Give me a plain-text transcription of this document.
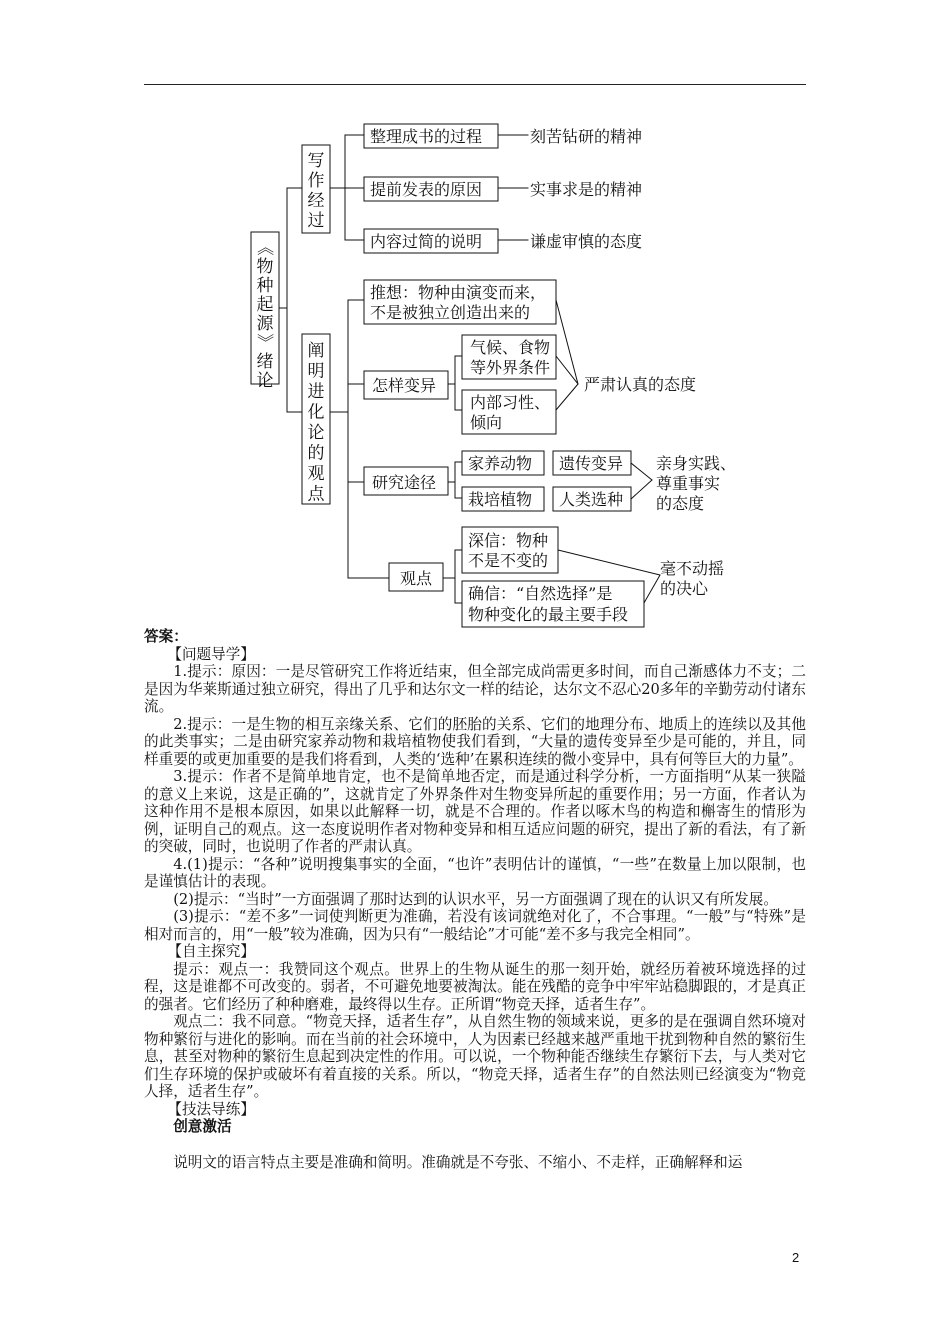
《
物
种
起
源
》
绪
论
写
作
经
过
阐
明
进
化
论
的
观
点
整理成书的过程
提前发表的原因
内容过简的说明
刻苦钻研的精神
实事求是的精神
谦虚审慎的态度
推想：物种由演变而来，
不是被独立创造出来的
怎样变异
气候、食物
等外界条件
内部习性、
倾向
严肃认真的态度
研究途径
家养动物
栽培植物
遗传变异
人类选种
亲身实践、
尊重事实
的态度
观点
深信：物种
不是不变的
确信：“自然选择”是
物种变化的最主要手段
毫不动摇
的决心

答案：

【问题导学】

1.提示：原因：一是尽管研究工作将近结束，但全部完成尚需更多时间，而自己渐感体力不支；二是因为华莱斯通过独立研究，得出了几乎和达尔文一样的结论，达尔文不忍心20多年的辛勤劳动付诸东流。

2.提示：一是生物的相互亲缘关系、它们的胚胎的关系、它们的地理分布、地质上的连续以及其他的此类事实；二是由研究家养动物和栽培植物使我们看到，“大量的遗传变异至少是可能的，并且，同样重要的或更加重要的是我们将看到，人类的‘选种’在累积连续的微小变异中，具有何等巨大的力量”。

3.提示：作者不是简单地肯定，也不是简单地否定，而是通过科学分析，一方面指明“从某一狭隘的意义上来说，这是正确的”，这就肯定了外界条件对生物变异所起的重要作用；另一方面，作者认为这种作用不是根本原因，如果以此解释一切，就是不合理的。作者以啄木鸟的构造和槲寄生的情形为例，证明自己的观点。这一态度说明作者对物种变异和相互适应问题的研究，提出了新的看法，有了新的突破，同时，也说明了作者的严肃认真。

4.(1)提示：“各种”说明搜集事实的全面，“也许”表明估计的谨慎，“一些”在数量上加以限制，也是谨慎估计的表现。

(2)提示：“当时”一方面强调了那时达到的认识水平，另一方面强调了现在的认识又有所发展。

(3)提示：“差不多”一词使判断更为准确，若没有该词就绝对化了，不合事理。“一般”与“特殊”是相对而言的，用“一般”较为准确，因为只有“一般结论”才可能“差不多与我完全相同”。

【自主探究】

提示：观点一：我赞同这个观点。世界上的生物从诞生的那一刻开始，就经历着被环境选择的过程，这是谁都不可改变的。弱者，不可避免地要被淘汰。能在残酷的竞争中牢牢站稳脚跟的，才是真正的强者。它们经历了种种磨难，最终得以生存。正所谓“物竞天择，适者生存”。

观点二：我不同意。“物竞天择，适者生存”，从自然生物的领域来说，更多的是在强调自然环境对物种繁衍与进化的影响。而在当前的社会环境中，人为因素已经越来越严重地干扰到物种自然的繁衍生息，甚至对物种的繁衍生息起到决定性的作用。可以说，一个物种能否继续生存繁衍下去，与人类对它们生存环境的保护或破坏有着直接的关系。所以，“物竞天择，适者生存”的自然法则已经演变为“物竞人择，适者生存”。

【技法导练】

创意激活

说明文的语言特点主要是准确和简明。准确就是不夸张、不缩小、不走样，正确解释和运

2
